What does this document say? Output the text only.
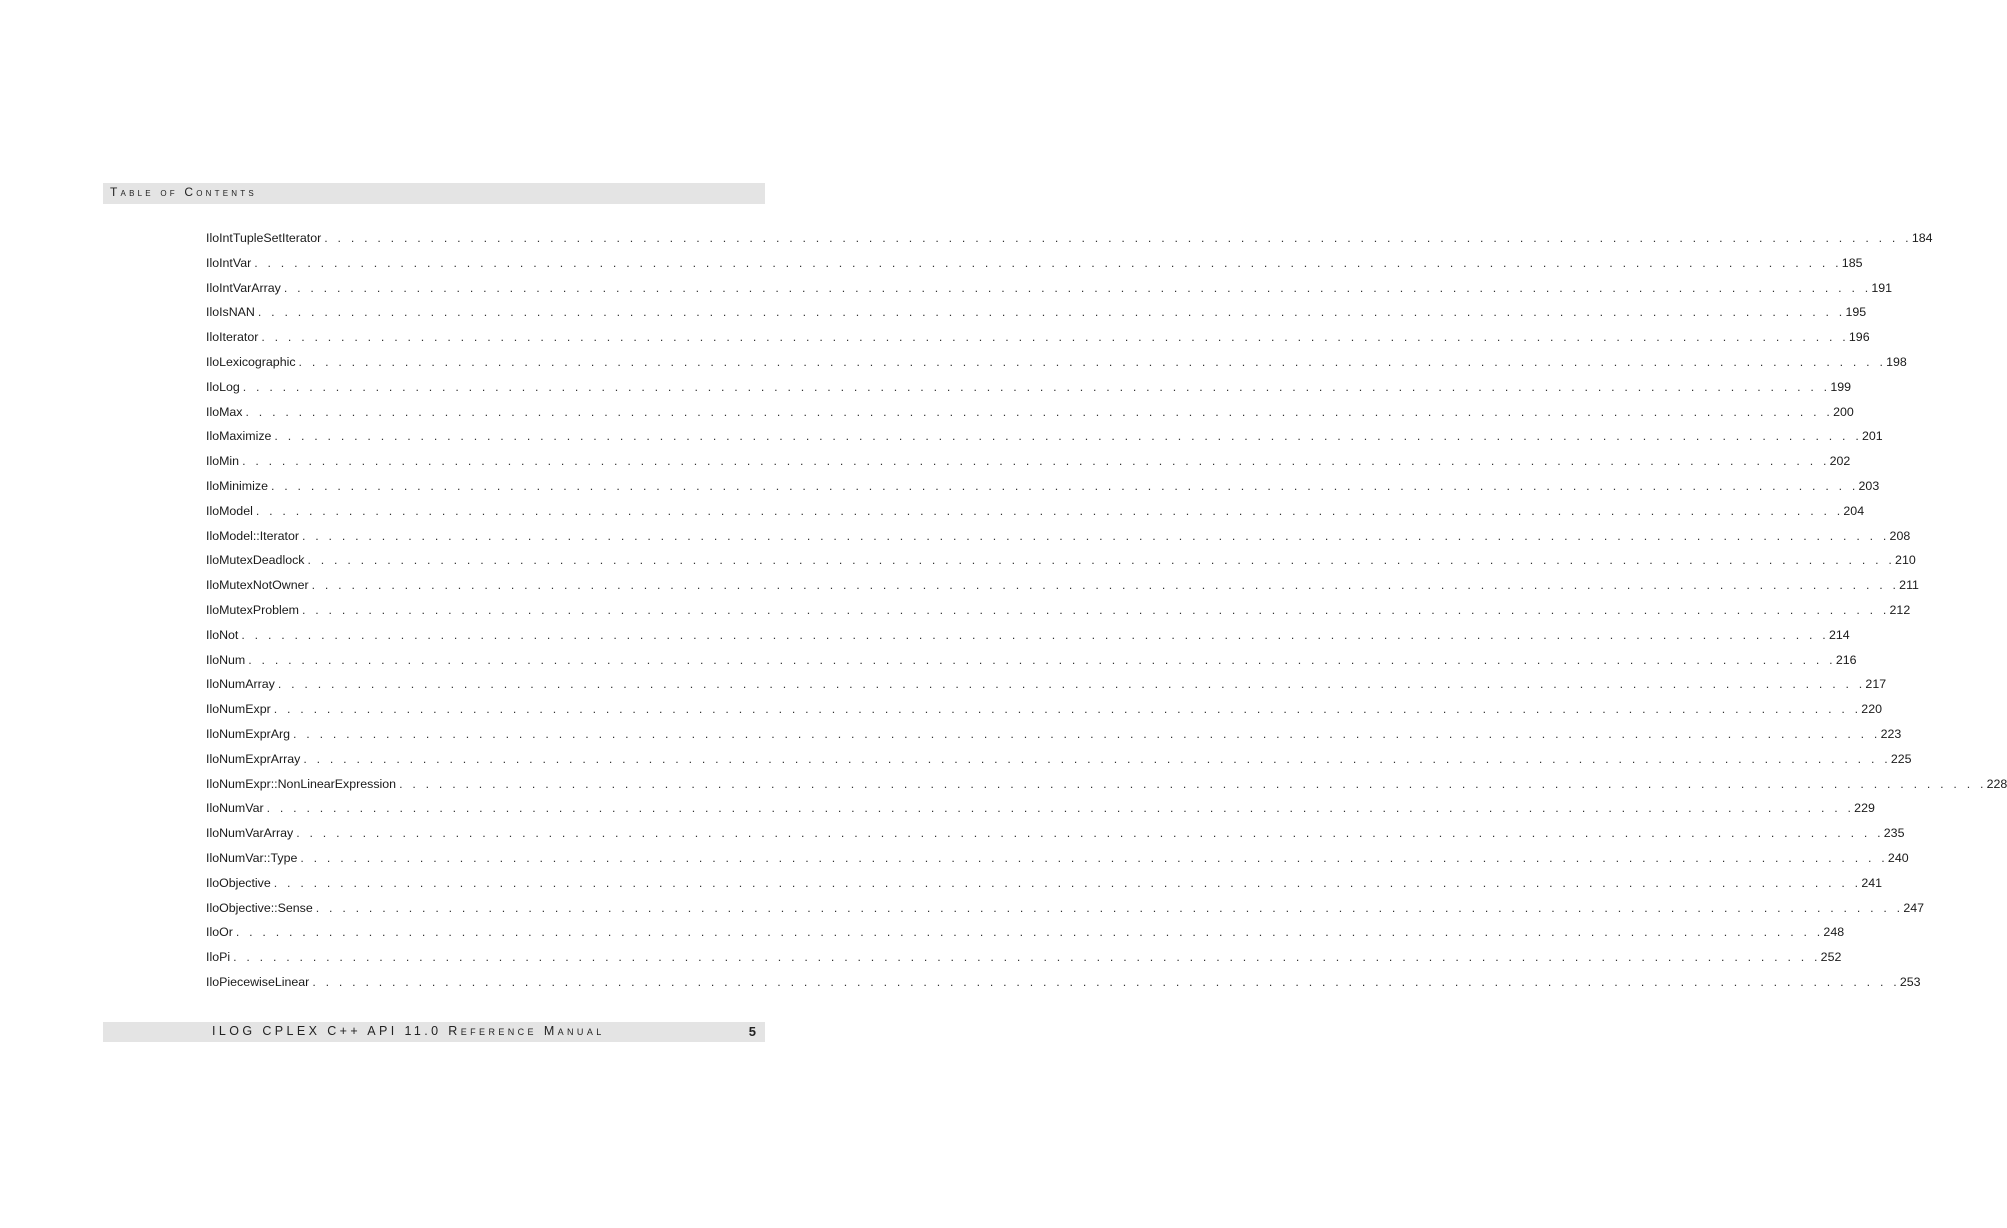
Table of Contents
IloIntTupleSetIterator . . . . . . . . . . . . . . . . . . . . . . . . . . . . . . . . . . . . . . . . . . . . . . . . . . . . . . . . . . . . . . . . . . . . . . . . . . . . . . . . . . . . . . . . . . . . . . . . . . . . . . . . . . . . . . . . . . . . . . . . 184
IloIntVar . . . . . . . . . . . . . . . . . . . . . . . . . . . . . . . . . . . . . . . . . . . . . . . . . . . . . . . . . . . . . . . . . . . . . . . . . . . . . . . . . . . . . . . . . . . . . . . . . . . . . . . . . . . . . . . . . . . . . . . . 185
IloIntVarArray . . . . . . . . . . . . . . . . . . . . . . . . . . . . . . . . . . . . . . . . . . . . . . . . . . . . . . . . . . . . . . . . . . . . . . . . . . . . . . . . . . . . . . . . . . . . . . . . . . . . . . . . . . . . . . . . . . . . . . . . 191
IloIsNAN . . . . . . . . . . . . . . . . . . . . . . . . . . . . . . . . . . . . . . . . . . . . . . . . . . . . . . . . . . . . . . . . . . . . . . . . . . . . . . . . . . . . . . . . . . . . . . . . . . . . . . . . . . . . . . . . . . . . . . . . 195
IloIterator . . . . . . . . . . . . . . . . . . . . . . . . . . . . . . . . . . . . . . . . . . . . . . . . . . . . . . . . . . . . . . . . . . . . . . . . . . . . . . . . . . . . . . . . . . . . . . . . . . . . . . . . . . . . . . . . . . . . . . . . 196
IloLexicographic . . . . . . . . . . . . . . . . . . . . . . . . . . . . . . . . . . . . . . . . . . . . . . . . . . . . . . . . . . . . . . . . . . . . . . . . . . . . . . . . . . . . . . . . . . . . . . . . . . . . . . . . . . . . . . . . . . . . . . . . 198
IloLog . . . . . . . . . . . . . . . . . . . . . . . . . . . . . . . . . . . . . . . . . . . . . . . . . . . . . . . . . . . . . . . . . . . . . . . . . . . . . . . . . . . . . . . . . . . . . . . . . . . . . . . . . . . . . . . . . . . . . . . . 199
IloMax . . . . . . . . . . . . . . . . . . . . . . . . . . . . . . . . . . . . . . . . . . . . . . . . . . . . . . . . . . . . . . . . . . . . . . . . . . . . . . . . . . . . . . . . . . . . . . . . . . . . . . . . . . . . . . . . . . . . . . . . 200
IloMaximize . . . . . . . . . . . . . . . . . . . . . . . . . . . . . . . . . . . . . . . . . . . . . . . . . . . . . . . . . . . . . . . . . . . . . . . . . . . . . . . . . . . . . . . . . . . . . . . . . . . . . . . . . . . . . . . . . . . . . . . . 201
IloMin . . . . . . . . . . . . . . . . . . . . . . . . . . . . . . . . . . . . . . . . . . . . . . . . . . . . . . . . . . . . . . . . . . . . . . . . . . . . . . . . . . . . . . . . . . . . . . . . . . . . . . . . . . . . . . . . . . . . . . . . 202
IloMinimize . . . . . . . . . . . . . . . . . . . . . . . . . . . . . . . . . . . . . . . . . . . . . . . . . . . . . . . . . . . . . . . . . . . . . . . . . . . . . . . . . . . . . . . . . . . . . . . . . . . . . . . . . . . . . . . . . . . . . . . . 203
IloModel . . . . . . . . . . . . . . . . . . . . . . . . . . . . . . . . . . . . . . . . . . . . . . . . . . . . . . . . . . . . . . . . . . . . . . . . . . . . . . . . . . . . . . . . . . . . . . . . . . . . . . . . . . . . . . . . . . . . . . . . 204
IloModel::Iterator . . . . . . . . . . . . . . . . . . . . . . . . . . . . . . . . . . . . . . . . . . . . . . . . . . . . . . . . . . . . . . . . . . . . . . . . . . . . . . . . . . . . . . . . . . . . . . . . . . . . . . . . . . . . . . . . . . . . . . . . 208
IloMutexDeadlock . . . . . . . . . . . . . . . . . . . . . . . . . . . . . . . . . . . . . . . . . . . . . . . . . . . . . . . . . . . . . . . . . . . . . . . . . . . . . . . . . . . . . . . . . . . . . . . . . . . . . . . . . . . . . . . . . . . . . . . . 210
IloMutexNotOwner . . . . . . . . . . . . . . . . . . . . . . . . . . . . . . . . . . . . . . . . . . . . . . . . . . . . . . . . . . . . . . . . . . . . . . . . . . . . . . . . . . . . . . . . . . . . . . . . . . . . . . . . . . . . . . . . . . . . . . . . 211
IloMutexProblem . . . . . . . . . . . . . . . . . . . . . . . . . . . . . . . . . . . . . . . . . . . . . . . . . . . . . . . . . . . . . . . . . . . . . . . . . . . . . . . . . . . . . . . . . . . . . . . . . . . . . . . . . . . . . . . . . . . . . . . . 212
IloNot . . . . . . . . . . . . . . . . . . . . . . . . . . . . . . . . . . . . . . . . . . . . . . . . . . . . . . . . . . . . . . . . . . . . . . . . . . . . . . . . . . . . . . . . . . . . . . . . . . . . . . . . . . . . . . . . . . . . . . . . 214
IloNum . . . . . . . . . . . . . . . . . . . . . . . . . . . . . . . . . . . . . . . . . . . . . . . . . . . . . . . . . . . . . . . . . . . . . . . . . . . . . . . . . . . . . . . . . . . . . . . . . . . . . . . . . . . . . . . . . . . . . . . . 216
IloNumArray . . . . . . . . . . . . . . . . . . . . . . . . . . . . . . . . . . . . . . . . . . . . . . . . . . . . . . . . . . . . . . . . . . . . . . . . . . . . . . . . . . . . . . . . . . . . . . . . . . . . . . . . . . . . . . . . . . . . . . . . 217
IloNumExpr . . . . . . . . . . . . . . . . . . . . . . . . . . . . . . . . . . . . . . . . . . . . . . . . . . . . . . . . . . . . . . . . . . . . . . . . . . . . . . . . . . . . . . . . . . . . . . . . . . . . . . . . . . . . . . . . . . . . . . . . 220
IloNumExprArg . . . . . . . . . . . . . . . . . . . . . . . . . . . . . . . . . . . . . . . . . . . . . . . . . . . . . . . . . . . . . . . . . . . . . . . . . . . . . . . . . . . . . . . . . . . . . . . . . . . . . . . . . . . . . . . . . . . . . . . . 223
IloNumExprArray . . . . . . . . . . . . . . . . . . . . . . . . . . . . . . . . . . . . . . . . . . . . . . . . . . . . . . . . . . . . . . . . . . . . . . . . . . . . . . . . . . . . . . . . . . . . . . . . . . . . . . . . . . . . . . . . . . . . . . . . 225
IloNumExpr::NonLinearExpression . . . . . . . . . . . . . . . . . . . . . . . . . . . . . . . . . . . . . . . . . . . . . . . . . . . . . . . . . . . . . . . . . . . . . . . . . . . . . . . . . . . . . . . . . . . . . . . . . . . . . . . . . . . . . . . . . . . . . . . . 228
IloNumVar . . . . . . . . . . . . . . . . . . . . . . . . . . . . . . . . . . . . . . . . . . . . . . . . . . . . . . . . . . . . . . . . . . . . . . . . . . . . . . . . . . . . . . . . . . . . . . . . . . . . . . . . . . . . . . . . . . . . . . . . 229
IloNumVarArray . . . . . . . . . . . . . . . . . . . . . . . . . . . . . . . . . . . . . . . . . . . . . . . . . . . . . . . . . . . . . . . . . . . . . . . . . . . . . . . . . . . . . . . . . . . . . . . . . . . . . . . . . . . . . . . . . . . . . . . . 235
IloNumVar::Type . . . . . . . . . . . . . . . . . . . . . . . . . . . . . . . . . . . . . . . . . . . . . . . . . . . . . . . . . . . . . . . . . . . . . . . . . . . . . . . . . . . . . . . . . . . . . . . . . . . . . . . . . . . . . . . . . . . . . . . . 240
IloObjective . . . . . . . . . . . . . . . . . . . . . . . . . . . . . . . . . . . . . . . . . . . . . . . . . . . . . . . . . . . . . . . . . . . . . . . . . . . . . . . . . . . . . . . . . . . . . . . . . . . . . . . . . . . . . . . . . . . . . . . . 241
IloObjective::Sense . . . . . . . . . . . . . . . . . . . . . . . . . . . . . . . . . . . . . . . . . . . . . . . . . . . . . . . . . . . . . . . . . . . . . . . . . . . . . . . . . . . . . . . . . . . . . . . . . . . . . . . . . . . . . . . . . . . . . . . . 247
IloOr . . . . . . . . . . . . . . . . . . . . . . . . . . . . . . . . . . . . . . . . . . . . . . . . . . . . . . . . . . . . . . . . . . . . . . . . . . . . . . . . . . . . . . . . . . . . . . . . . . . . . . . . . . . . . . . . . . . . . . . . 248
IloPi . . . . . . . . . . . . . . . . . . . . . . . . . . . . . . . . . . . . . . . . . . . . . . . . . . . . . . . . . . . . . . . . . . . . . . . . . . . . . . . . . . . . . . . . . . . . . . . . . . . . . . . . . . . . . . . . . . . . . . . . 252
IloPiecewiseLinear . . . . . . . . . . . . . . . . . . . . . . . . . . . . . . . . . . . . . . . . . . . . . . . . . . . . . . . . . . . . . . . . . . . . . . . . . . . . . . . . . . . . . . . . . . . . . . . . . . . . . . . . . . . . . . . . . . . . . . . . 253
ILOG CPLEX C++ API 11.0 Reference Manual	5
